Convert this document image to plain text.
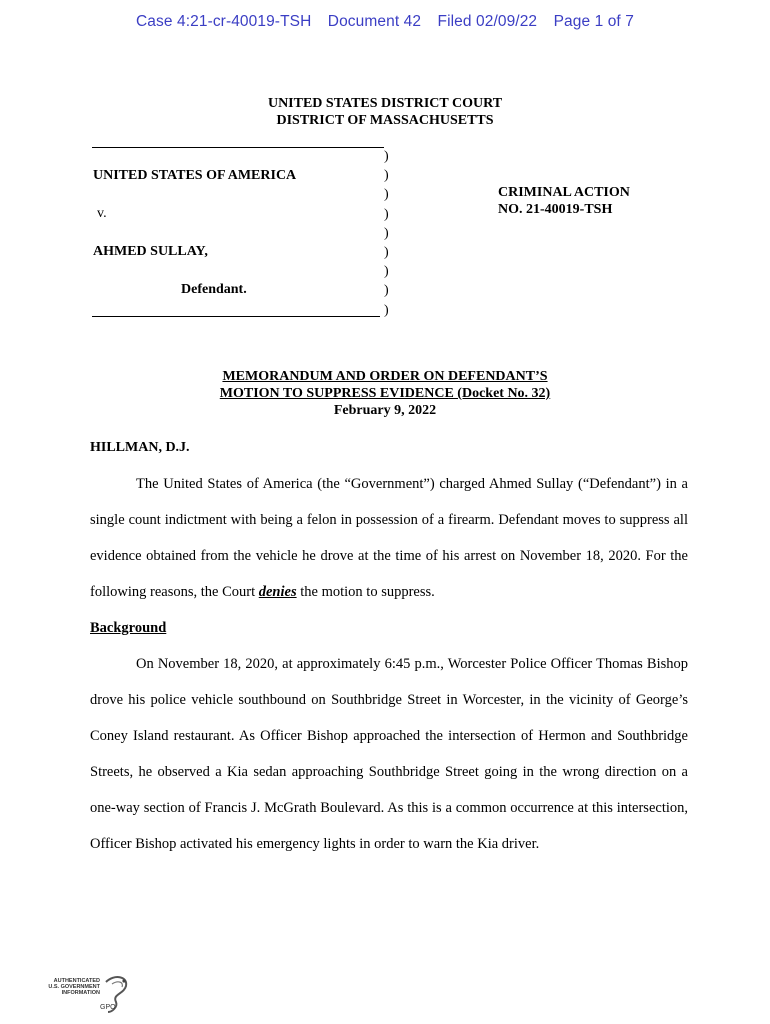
Case 4:21-cr-40019-TSH Document 42 Filed 02/09/22 Page 1 of 7
UNITED STATES DISTRICT COURT
DISTRICT OF MASSACHUSETTS
)
)
)
)
)
)
)
)
)
UNITED STATES OF AMERICA
v.
AHMED SULLAY,
Defendant.
CRIMINAL ACTION
NO. 21-40019-TSH
MEMORANDUM AND ORDER ON DEFENDANT’S
MOTION TO SUPPRESS EVIDENCE (Docket No. 32)
February 9, 2022
HILLMAN, D.J.

The United States of America (the “Government”) charged Ahmed Sullay (“Defendant”) in a single count indictment with being a felon in possession of a firearm. Defendant moves to suppress all evidence obtained from the vehicle he drove at the time of his arrest on November 18, 2020. For the following reasons, the Court denies the motion to suppress.

Background

On November 18, 2020, at approximately 6:45 p.m., Worcester Police Officer Thomas Bishop drove his police vehicle southbound on Southbridge Street in Worcester, in the vicinity of George’s Coney Island restaurant. As Officer Bishop approached the intersection of Hermon and Southbridge Streets, he observed a Kia sedan approaching Southbridge Street going in the wrong direction on a one-way section of Francis J. McGrath Boulevard. As this is a common occurrence at this intersection, Officer Bishop activated his emergency lights in order to warn the Kia driver.

AUTHENTICATED
U.S. GOVERNMENT
INFORMATION
GPO
